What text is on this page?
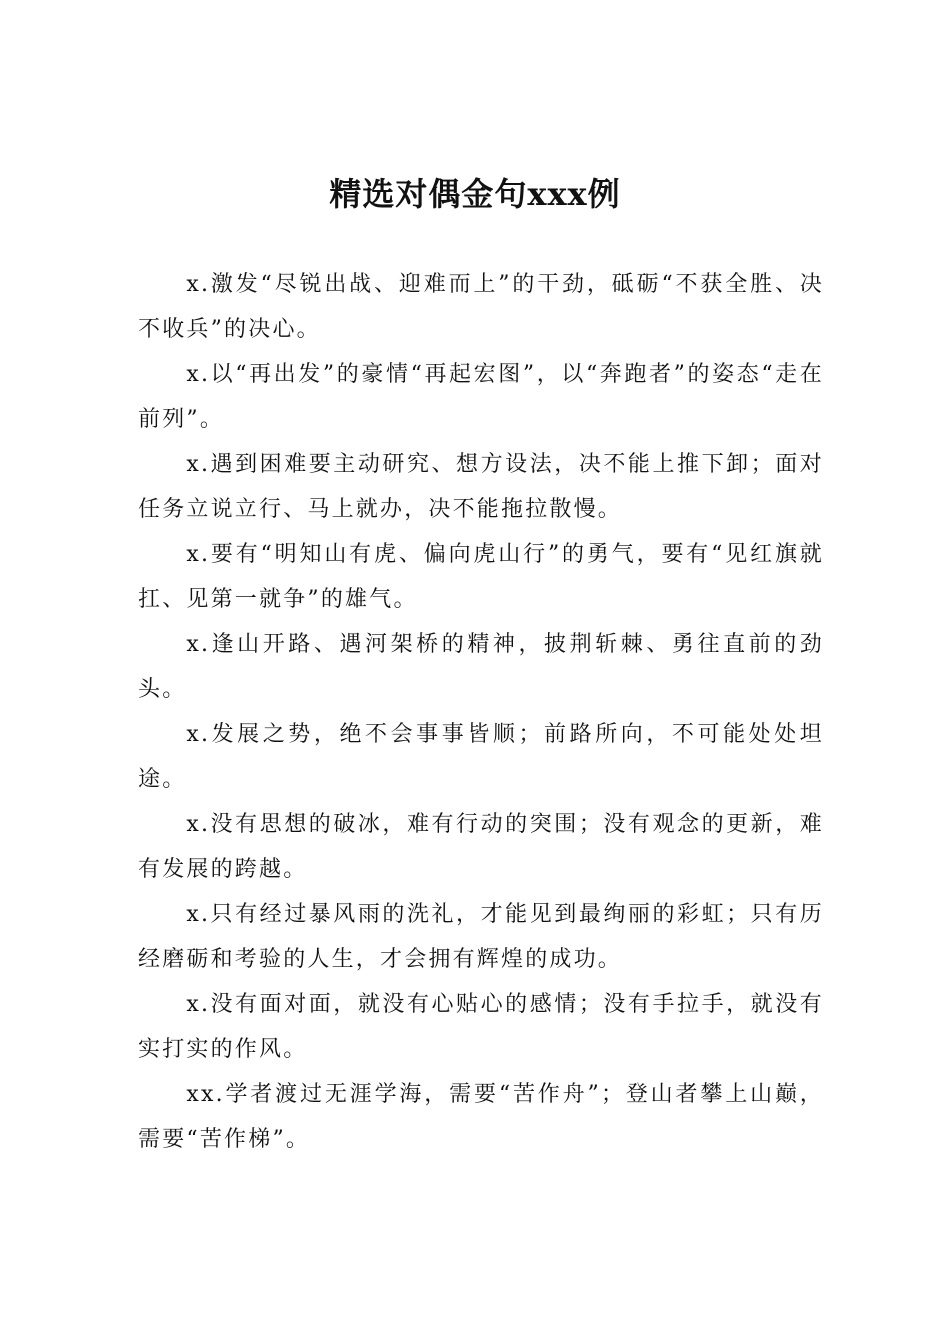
精选对偶金句xxx例

x.激发“尽锐出战、迎难而上”的干劲，砥砺“不获全胜、决不收兵”的决心。

x.以“再出发”的豪情“再起宏图”，以“奔跑者”的姿态“走在前列”。

x.遇到困难要主动研究、想方设法，决不能上推下卸；面对任务立说立行、马上就办，决不能拖拉散慢。

x.要有“明知山有虎、偏向虎山行”的勇气，要有“见红旗就扛、见第一就争”的雄气。

x.逢山开路、遇河架桥的精神，披荆斩棘、勇往直前的劲头。

x.发展之势，绝不会事事皆顺；前路所向，不可能处处坦途。

x.没有思想的破冰，难有行动的突围；没有观念的更新，难有发展的跨越。

x.只有经过暴风雨的洗礼，才能见到最绚丽的彩虹；只有历经磨砺和考验的人生，才会拥有辉煌的成功。

x.没有面对面，就没有心贴心的感情；没有手拉手，就没有实打实的作风。

xx.学者渡过无涯学海，需要“苦作舟”；登山者攀上山巅，需要“苦作梯”。
